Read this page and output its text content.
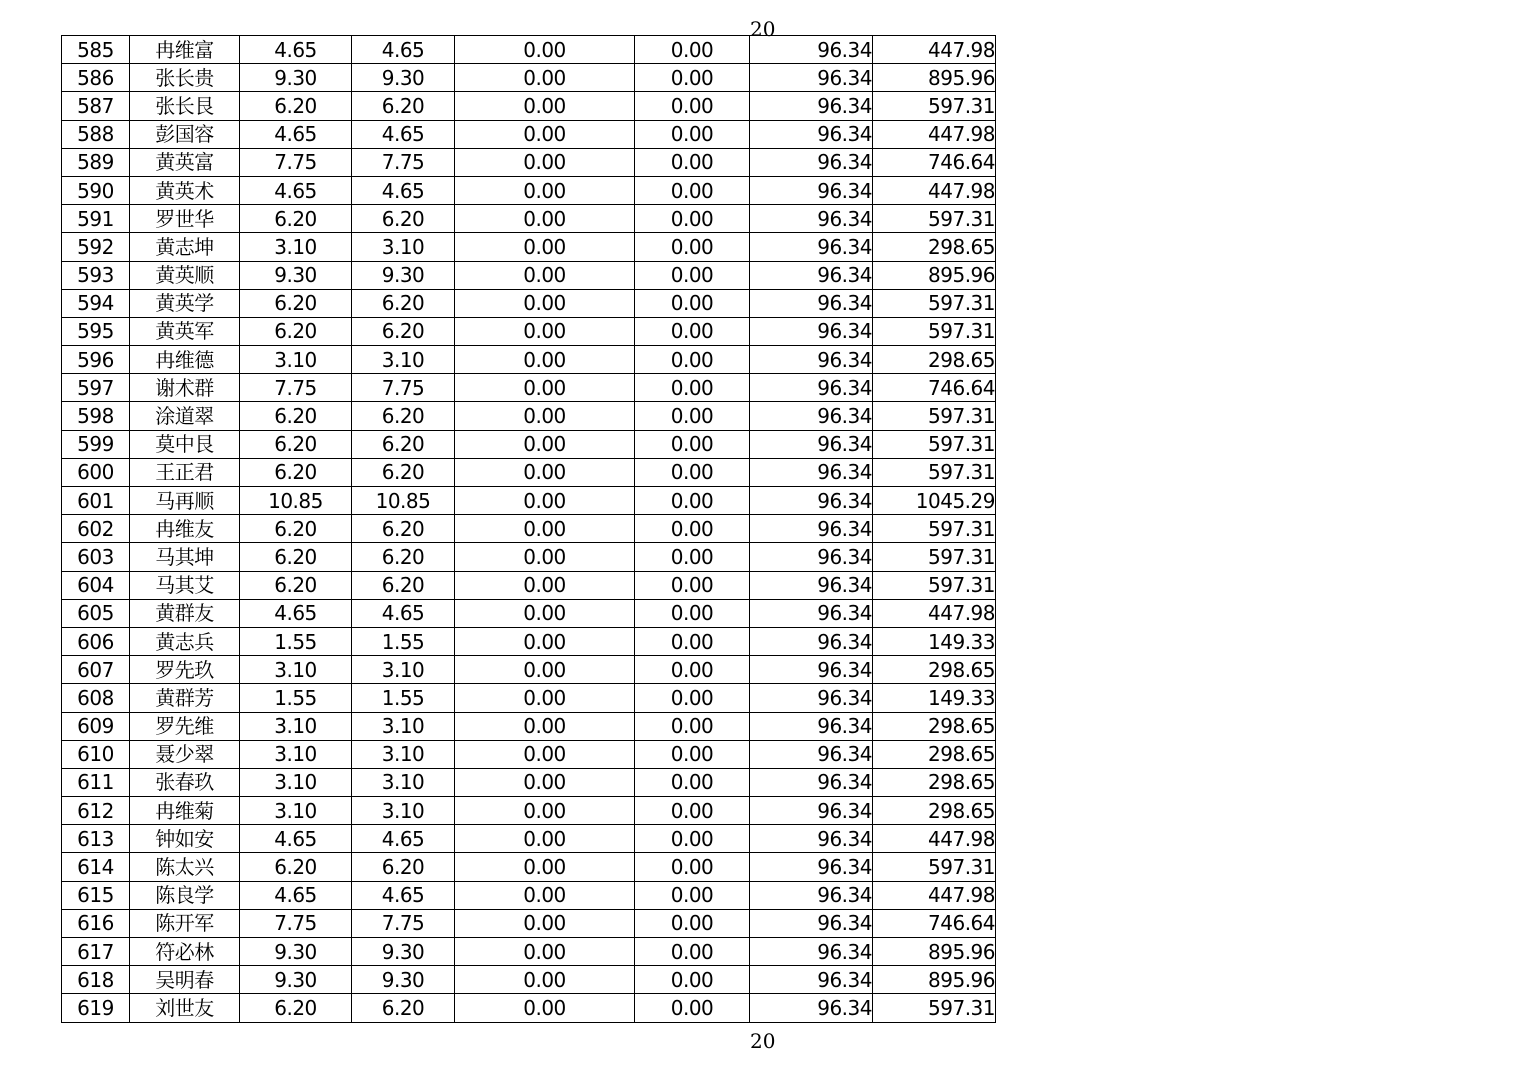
20
585	冉维富	4.65	4.65	0.00	0.00	96.34	447.98
586	张长贵	9.30	9.30	0.00	0.00	96.34	895.96
587	张长艮	6.20	6.20	0.00	0.00	96.34	597.31
588	彭国容	4.65	4.65	0.00	0.00	96.34	447.98
589	黄英富	7.75	7.75	0.00	0.00	96.34	746.64
590	黄英术	4.65	4.65	0.00	0.00	96.34	447.98
591	罗世华	6.20	6.20	0.00	0.00	96.34	597.31
592	黄志坤	3.10	3.10	0.00	0.00	96.34	298.65
593	黄英顺	9.30	9.30	0.00	0.00	96.34	895.96
594	黄英学	6.20	6.20	0.00	0.00	96.34	597.31
595	黄英军	6.20	6.20	0.00	0.00	96.34	597.31
596	冉维德	3.10	3.10	0.00	0.00	96.34	298.65
597	谢术群	7.75	7.75	0.00	0.00	96.34	746.64
598	涂道翠	6.20	6.20	0.00	0.00	96.34	597.31
599	莫中艮	6.20	6.20	0.00	0.00	96.34	597.31
600	王正君	6.20	6.20	0.00	0.00	96.34	597.31
601	马再顺	10.85	10.85	0.00	0.00	96.34	1045.29
602	冉维友	6.20	6.20	0.00	0.00	96.34	597.31
603	马其坤	6.20	6.20	0.00	0.00	96.34	597.31
604	马其艾	6.20	6.20	0.00	0.00	96.34	597.31
605	黄群友	4.65	4.65	0.00	0.00	96.34	447.98
606	黄志兵	1.55	1.55	0.00	0.00	96.34	149.33
607	罗先玖	3.10	3.10	0.00	0.00	96.34	298.65
608	黄群芳	1.55	1.55	0.00	0.00	96.34	149.33
609	罗先维	3.10	3.10	0.00	0.00	96.34	298.65
610	聂少翠	3.10	3.10	0.00	0.00	96.34	298.65
611	张春玖	3.10	3.10	0.00	0.00	96.34	298.65
612	冉维菊	3.10	3.10	0.00	0.00	96.34	298.65
613	钟如安	4.65	4.65	0.00	0.00	96.34	447.98
614	陈太兴	6.20	6.20	0.00	0.00	96.34	597.31
615	陈良学	4.65	4.65	0.00	0.00	96.34	447.98
616	陈开军	7.75	7.75	0.00	0.00	96.34	746.64
617	符必林	9.30	9.30	0.00	0.00	96.34	895.96
618	吴明春	9.30	9.30	0.00	0.00	96.34	895.96
619	刘世友	6.20	6.20	0.00	0.00	96.34	597.31
20
